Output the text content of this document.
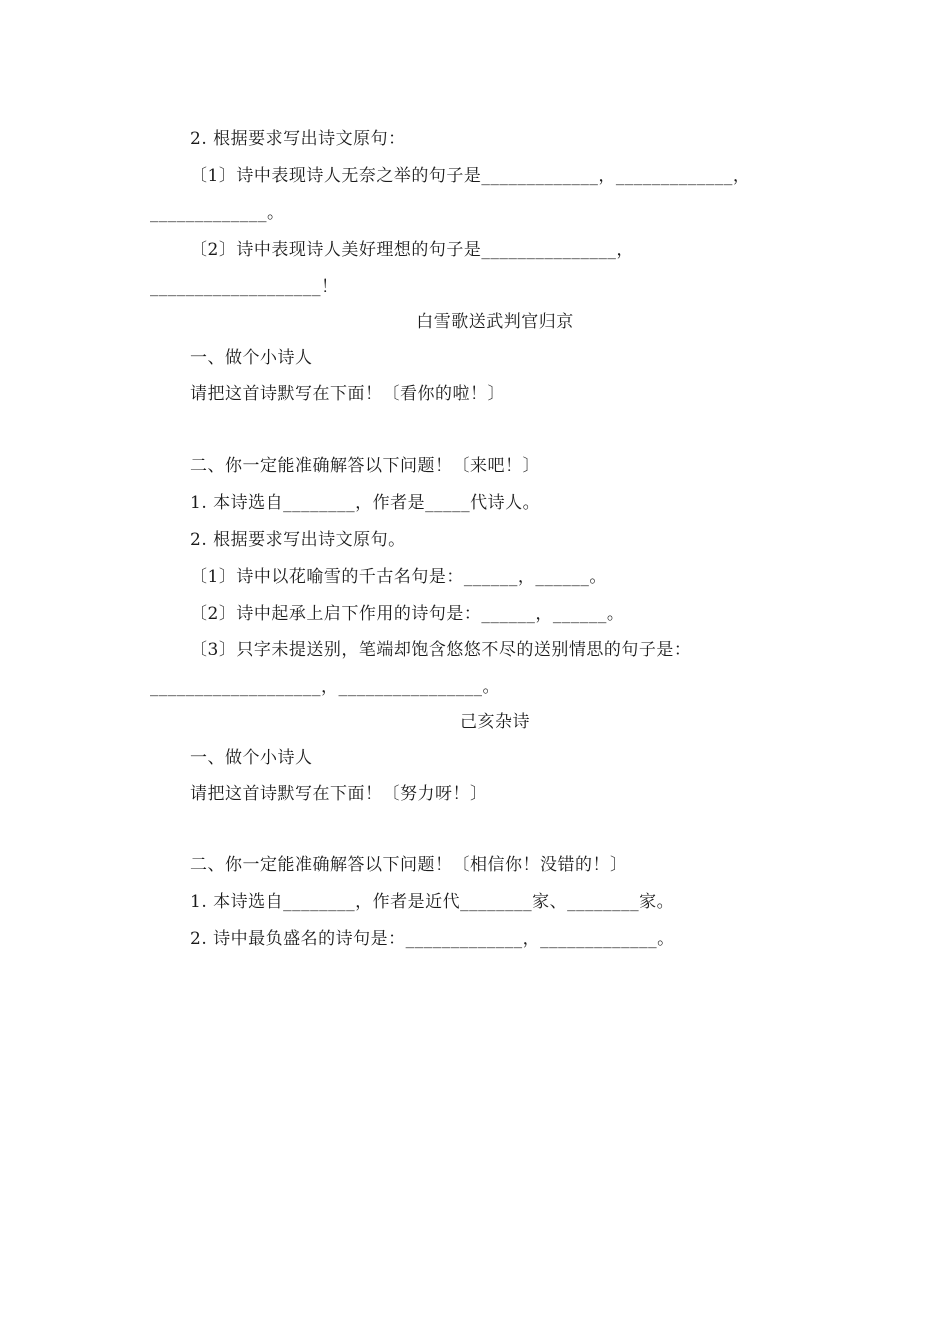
2. 根据要求写出诗文原句：
〔1〕诗中表现诗人无奈之举的句子是_____________，_____________，
_____________。
〔2〕诗中表现诗人美好理想的句子是_______________，
___________________！
白雪歌送武判官归京
一、做个小诗人
请把这首诗默写在下面！〔看你的啦！〕
二、你一定能准确解答以下问题！〔来吧！〕
1. 本诗选自________，作者是_____代诗人。
2. 根据要求写出诗文原句。
〔1〕诗中以花喻雪的千古名句是：______，______。
〔2〕诗中起承上启下作用的诗句是：______，______。
〔3〕只字未提送别，笔端却饱含悠悠不尽的送别情思的句子是：
___________________，________________。
己亥杂诗
一、做个小诗人
请把这首诗默写在下面！〔努力呀！〕
二、你一定能准确解答以下问题！〔相信你！没错的！〕
1. 本诗选自________，作者是近代________家、________家。
2. 诗中最负盛名的诗句是：_____________，_____________。
